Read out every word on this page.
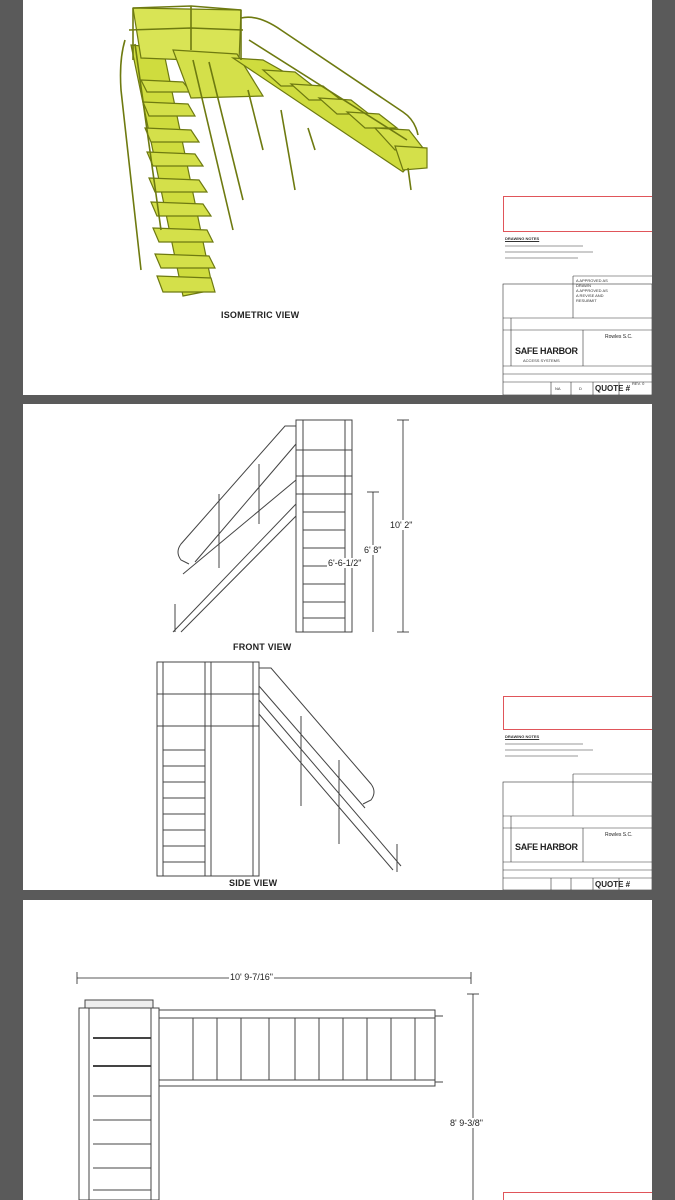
ISOMETRIC VIEW
DRAWING NOTES
A APPROVED AS
DRAWN
A APPROVED AS
A REVISE AND
RESUBMIT
SAFE HARBOR
ACCESS SYSTEMS
Rowles S.C.
NA	D QUOTE #
REV. 0
10' 2"
6' 8"
6'-6-1/2"
FRONT VIEW
SIDE VIEW
DRAWING NOTES
SAFE HARBOR
Rowles S.C.
QUOTE #
10' 9-7/16"
8' 9-3/8"
